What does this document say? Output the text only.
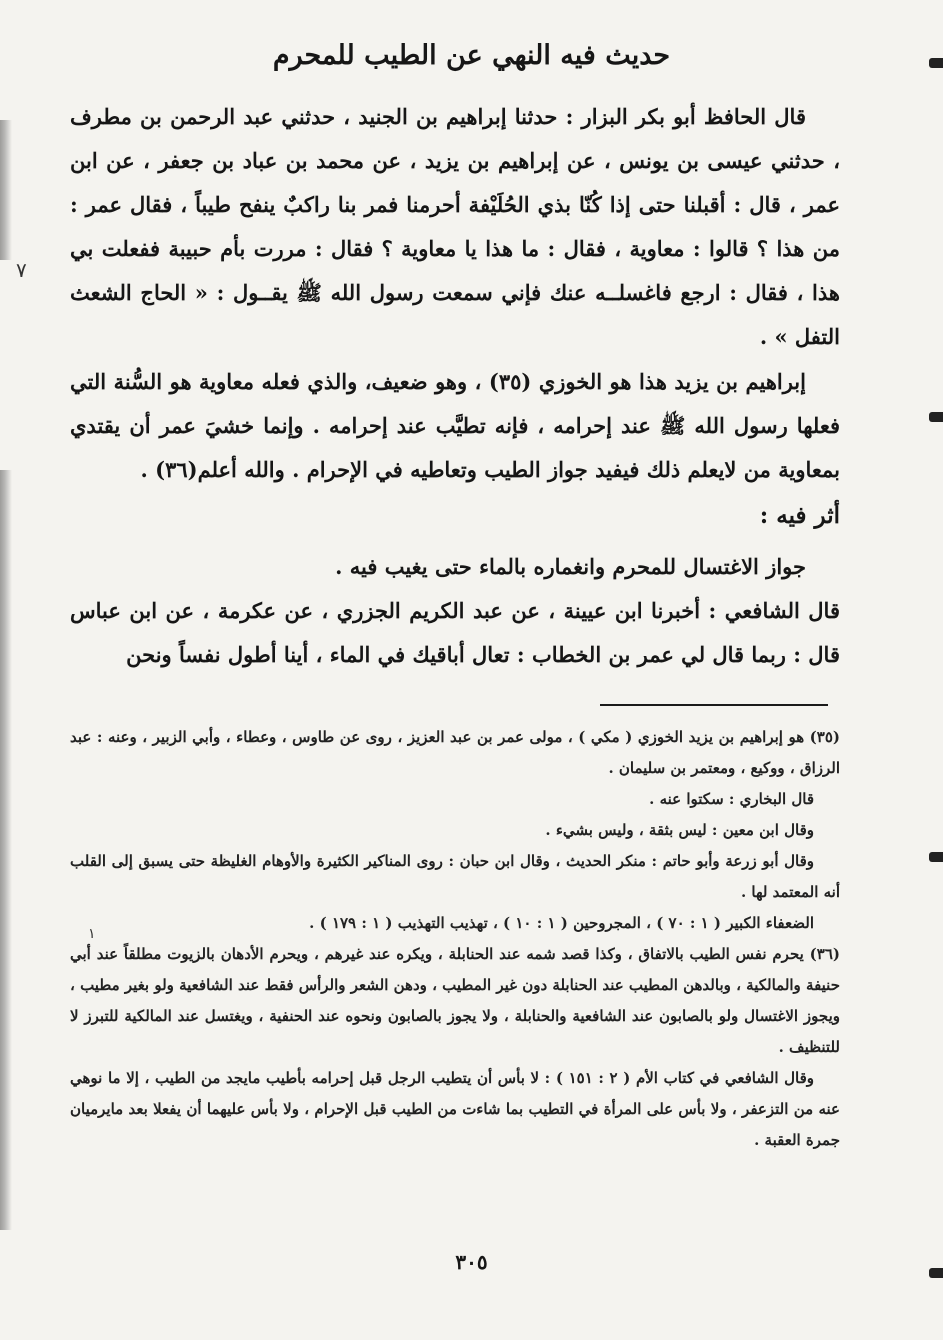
حديث فيه النهي عن الطيب للمحرم

قال الحافظ أبو بكر البزار : حدثنا إبراهيم بن الجنيد ، حدثني عبد الرحمن بن مطرف ، حدثني عيسى بن يونس ، عن إبراهيم بن يزيد ، عن محمد بن عباد بن جعفر ، عن ابن عمر ، قال : أقبلنا حتى إذا كُنّا بذي الحُلَيْفة أحرمنا فمر بنا راكبٌ ينفح طيباً ، فقال عمر : من هذا ؟ قالوا : معاوية ، فقال : ما هذا يا معاوية ؟ فقال : مررت بأم حبيبة ففعلت بي هذا ، فقال : ارجع فاغسلــه عنك فإني سمعت رسول الله ﷺ يقــول : « الحاج الشعث التفل » .

إبراهيم بن يزيد هذا هو الخوزي (٣٥) ، وهو ضعيف، والذي فعله معاوية هو السُّنة التي فعلها رسول الله ﷺ عند إحرامه ، فإنه تطيَّب عند إحرامه . وإنما خشيَ عمر أن يقتدي بمعاوية من لايعلم ذلك فيفيد جواز الطيب وتعاطيه في الإحرام . والله أعلم(٣٦) .

أثر فيه :

جواز الاغتسال للمحرم وانغماره بالماء حتى يغيب فيه .

قال الشافعي : أخبرنا ابن عيينة ، عن عبد الكريم الجزري ، عن عكرمة ، عن ابن عباس قال : ربما قال لي عمر بن الخطاب : تعال أباقيك في الماء ، أينا أطول نفساً ونحن

(٣٥) هو إبراهيم بن يزيد الخوزي ( مكي ) ، مولى عمر بن عبد العزيز ، روى عن طاوس ، وعطاء ، وأبي الزبير ، وعنه : عبد الرزاق ، ووكيع ، ومعتمر بن سليمان .

قال البخاري : سكتوا عنه .

وقال ابن معين : ليس بثقة ، وليس بشيء .

وقال أبو زرعة وأبو حاتم : منكر الحديث ، وقال ابن حبان : روى المناكير الكثيرة والأوهام الغليظة حتى يسبق إلى القلب أنه المعتمد لها .

الضعفاء الكبير ( ١ : ٧٠ ) ، المجروحين ( ١ : ١٠ ) ، تهذيب التهذيب ( ١ : ١٧٩ ) .

(٣٦) يحرم نفس الطيب بالاتفاق ، وكذا قصد شمه عند الحنابلة ، ويكره عند غيرهم ، ويحرم الأدهان بالزيوت مطلقاً عند أبي حنيفة والمالكية ، وبالدهن المطيب عند الحنابلة دون غير المطيب ، ودهن الشعر والرأس فقط عند الشافعية ولو بغير مطيب ، ويجوز الاغتسال ولو بالصابون عند الشافعية والحنابلة ، ولا يجوز بالصابون ونحوه عند الحنفية ، ويغتسل عند المالكية للتبرز لا للتنظيف .

وقال الشافعي في كتاب الأم ( ٢ : ١٥١ ) : لا بأس أن يتطيب الرجل قبل إحرامه بأطيب مايجد من الطيب ، إلا ما نوهي عنه من التزعفر ، ولا بأس على المرأة في التطيب بما شاءت من الطيب قبل الإحرام ، ولا بأس عليهما أن يفعلا بعد مايرميان جمرة العقبة .

٣٠٥
٧
١
